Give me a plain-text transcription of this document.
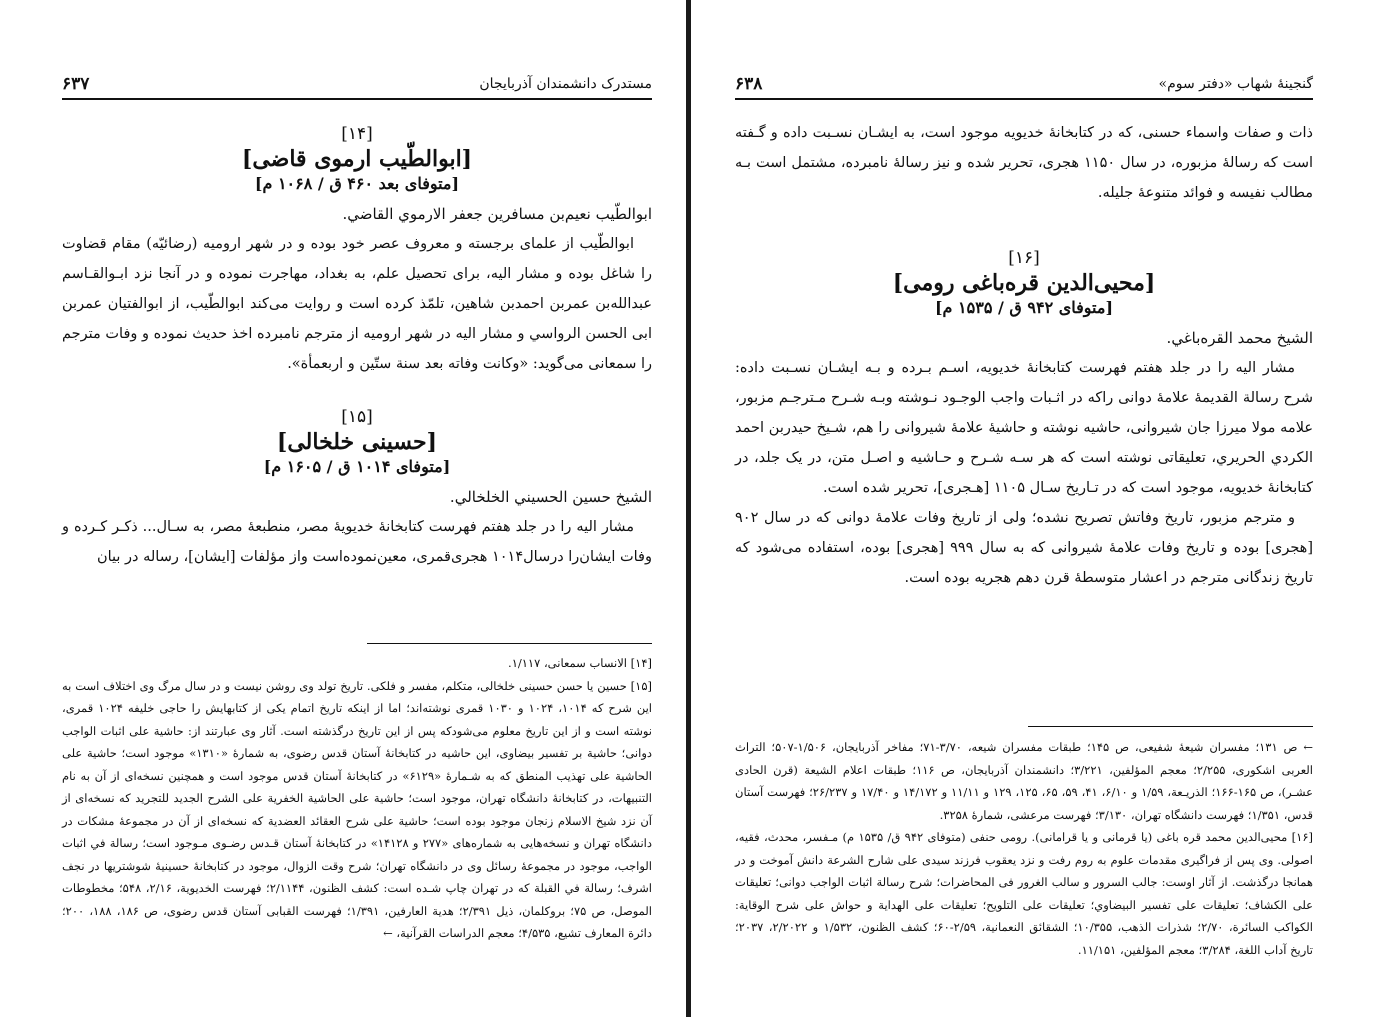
۶۳۷	مستدرک دانشمندان آذربایجان
[۱۴]
[ابوالطّیب ارموی قاضی]
[متوفای بعد ۴۶۰ ق / ۱۰۶۸ م]
ابوالطّیب نعیم‌بن مسافرین جعفر الارموي القاضي.

ابوالطّیب از علمای برجسته و معروف عصر خود بوده و در شهر ارومیه (رضائیّه) مقام قضاوت را شاغل بوده و مشار الیه، برای تحصیل علم، به بغداد، مهاجرت نموده و در آنجا نزد ابـوالقـاسم عبدالله‌بن عمربن احمدبن شاهین، تلمّذ کرده است و روایت می‌کند ابوالطّیب، از ابوالفتیان عمربن ابی الحسن الرواسي و مشار الیه در شهر ارومیه از مترجم نامبرده اخذ حدیث نموده و وفات مترجم را سمعانی می‌گوید: «وکانت وفاته بعد سنة ستّین و اربعمأة».

[۱۵]
[حسینی خلخالی]
[متوفای ۱۰۱۴ ق / ۱۶۰۵ م]
الشیخ حسین الحسیني الخلخالي.

مشار الیه را در جلد هفتم فهرست کتابخانهٔ خدیویهٔ مصر، منطبعهٔ مصر، به سـال... ذکـر کـرده و وفات ایشان‌را درسال۱۰۱۴ هجری‌قمری، معین‌نموده‌است واز مؤلفات [ایشان]، رساله در بیان

[۱۴] الانساب سمعانی، ۱/۱۱۷.

[۱۵] حسین یا حسن حسینی خلخالی، متکلم، مفسر و فلکی. تاریخ تولد وی روشن نیست و در سال مرگ وی اختلاف است به این شرح که ۱۰۱۴، ۱۰۲۴ و ۱۰۳۰ قمری نوشته‌اند؛ اما از اینکه تاریخ اتمام یکی از کتابهایش را حاجی خلیفه ۱۰۲۴ قمری، نوشته است و از این تاریخ معلوم می‌شودکه پس از این تاریخ درگذشته است. آثار وی عبارتند از: حاشیة علی اثبات الواجب دوانی؛ حاشیة بر تفسیر بیضاوی، این حاشیه در کتابخانهٔ آستان قدس رضوی، به شمارهٔ «۱۳۱۰» موجود است؛ حاشیة علی الحاشیة علی تهذیب المنطق که به شـمارهٔ «۶۱۲۹» در کتابخانهٔ آستان قدس موجود است و همچنین نسخه‌ای از آن به نام التنبیهات، در کتابخانهٔ دانشگاه تهران، موجود است؛ حاشیة علی الحاشیة الخفریة علی الشرح الجدید للتجرید که نسخه‌ای از آن نزد شیخ الاسلام زنجان موجود بوده است؛ حاشیة علی شرح العقائد العضدیة که نسخه‌ای از آن در مجموعهٔ مشکات در دانشگاه تهران و نسخه‌هایی به شماره‌های «۲۷۷ و ۱۴۱۲۸» در کتابخانهٔ آستان قـدس رضـوی مـوجود است؛ رسالة في اثبات الواجب، موجود در مجموعهٔ رسائل وی در دانشگاه تهران؛ شرح وقت الزوال، موجود در کتابخانهٔ حسینیهٔ شوشتریها در نجف اشرف؛ رسالة في القبلة که در تهران چاپ شـده است: کشف الظنون، ۲/۱۱۴۴؛ فهرست الخدیویة، ۲/۱۶، ۵۴۸؛ مخطوطات الموصل، ص ۷۵؛ بروکلمان، ذیل ۲/۳۹۱؛ هدیة العارفین، ۱/۳۹۱؛ فهرست القبابی آستان قدس رضوی، ص ۱۸۶، ۱۸۸، ۲۰۰؛ دائرة المعارف تشیع، ۴/۵۳۵؛ معجم الدراسات القرآنیة، ←

۶۳۸	گنجینهٔ شهاب «دفتر سوم»

ذات و صفات واسماء حسنی، که در کتابخانهٔ خدیویه موجود است، به ایشـان نسـبت داده و گـفته است که رسالهٔ مزبوره، در سال ۱۱۵۰ هجری، تحریر شده و نیز رسالهٔ نامبرده، مشتمل است بـه مطالب نفیسه و فوائد متنوعهٔ جلیله.

[۱۶]
[محیی‌الدین قره‌باغی رومی]
[متوفای ۹۴۲ ق / ۱۵۳۵ م]
الشیخ محمد القره‌باغي.

مشار الیه را در جلد هفتم فهرست کتابخانهٔ خدیویه، اسـم بـرده و بـه ایشـان نسـبت داده: شرح رسالة القدیمهٔ علامهٔ دوانی راکه در اثـبات واجب الوجـود نـوشته وبـه شـرح مـترجـم مزبور، علامه مولا میرزا جان شیروانی، حاشیه نوشته و حاشیهٔ علامهٔ شیروانی را هم، شـیخ حیدربن احمد الکردي الحریري، تعلیقاتی نوشته است که هر سـه شـرح و حـاشیه و اصـل متن، در یک جلد، در کتابخانهٔ خدیویه، موجود است که در تـاریخ سـال ۱۱۰۵ [هـجری]، تحریر شده است.

و مترجم مزبور، تاریخ وفاتش تصریح نشده؛ ولی از تاریخ وفات علامهٔ دوانی که در سال ۹۰۲ [هجری] بوده و تاریخ وفات علامهٔ شیروانی که به سال ۹۹۹ [هجری] بوده، استفاده می‌شود که تاریخ زندگانی مترجم در اعشار متوسطهٔ قرن دهم هجریه بوده است.

← ص ۱۳۱؛ مفسران شیعهٔ شفیعی، ص ۱۴۵؛ طبقات مفسران شیعه، ۳/۷۰-۷۱؛ مفاخر آذربایجان، ۱/۵۰۶-۵۰۷؛ التراث العربی اشکوری، ۲/۲۵۵؛ معجم المؤلفین، ۳/۲۲۱؛ دانشمندان آذربایجان، ص ۱۱۶؛ طبقات اعلام الشیعة (قرن الحادی عشـر)، ص ۱۶۵-۱۶۶؛ الذریـعة، ۱/۵۹ و ۶/۱۰، ۴۱، ۵۹، ۶۵، ۱۲۵، ۱۲۹ و ۱۱/۱۱ و ۱۴/۱۷۲ و ۱۷/۴۰ و ۲۶/۲۳۷؛ فهرست آستان قدس، ۱/۳۵۱؛ فهرست دانشگاه تهران، ۳/۱۳۰؛ فهرست مرعشی، شمارهٔ ۳۲۵۸.

[۱۶] محیی‌الدین محمد قره باغی (یا قرمانی و یا قرامانی). رومی حنفی (متوفای ۹۴۲ ق/ ۱۵۳۵ م) مـفسر، محدث، فقیه، اصولی. وی پس از فراگیری مقدمات علوم به روم رفت و نزد یعقوب فرزند سیدی علی شارح الشرعة دانش آموخت و در همانجا درگذشت. از آثار اوست: جالب السرور و سالب الغرور فی المحاضرات؛ شرح رسالة اثبات الواجب دوانی؛ تعلیقات علی الکشاف؛ تعلیقات علی تفسیر البیضاوي؛ تعلیقات علی التلویح؛ تعلیقات علی الهدایة و حواش علی شرح الوقایة: الکواکب السائرة، ۲/۷۰؛ شذرات الذهب، ۱۰/۳۵۵؛ الشقائق النعمانیة، ۲/۵۹-۶۰؛ کشف الظنون، ۱/۵۳۲ و ۲/۲۰۲۲، ۲۰۳۷؛ تاریخ آداب اللغة، ۳/۲۸۴؛ معجم المؤلفین، ۱۱/۱۵۱.
